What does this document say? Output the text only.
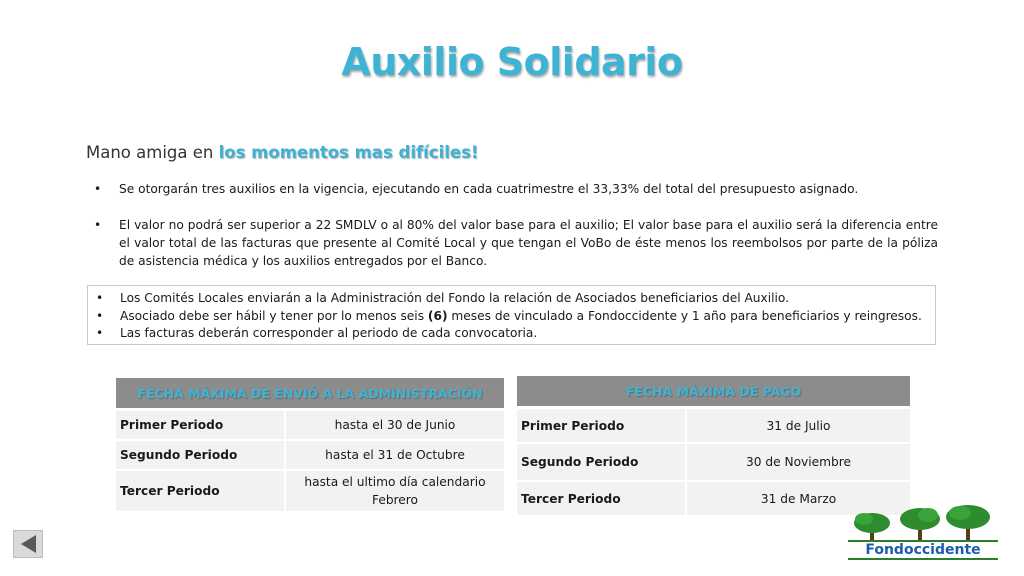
Auxilio Solidario
Mano amiga en los momentos mas difíciles!
• Se otorgarán tres auxilios en la vigencia, ejecutando en cada cuatrimestre el 33,33% del total del presupuesto asignado.
• El valor no podrá ser superior a 22 SMDLV o al 80% del valor base para el auxilio; El valor base para el auxilio será la diferencia entre el valor total de las facturas que presente al Comité Local y que tengan el VoBo de éste menos los reembolsos por parte de la póliza de asistencia médica y los auxilios entregados por el Banco.
• Los Comités Locales enviarán a la Administración del Fondo la relación de Asociados beneficiarios del Auxilio.
• Asociado debe ser hábil y tener por lo menos seis (6) meses de vinculado a Fondoccidente y 1 año para beneficiarios y reingresos.
• Las facturas deberán corresponder al periodo de cada convocatoria.
FECHA MÁXIMA DE ENVIÓ A LA ADMINISTRACIÓN	
Primer Periodo	hasta el 30 de Junio
Segundo Periodo	hasta el 31 de Octubre
Tercer Periodo	hasta el ultimo día calendario Febrero
FECHA MÁXIMA DE PAGO	
Primer Periodo	31 de Julio
Segundo Periodo	30 de Noviembre
Tercer Periodo	31 de Marzo
Fondoccidente
